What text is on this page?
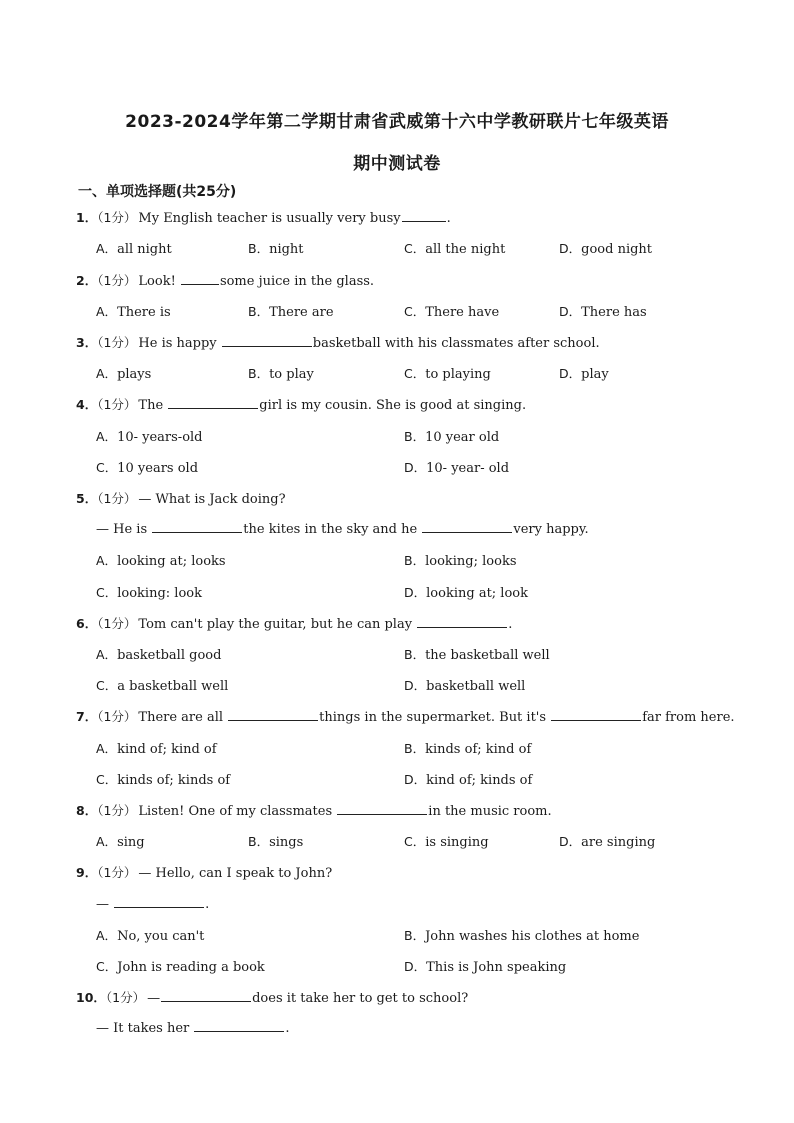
2023-2024学年第二学期甘肃省武威第十六中学教研联片七年级英语
期中测试卷
一、单项选择题(共25分)
1．（1分） My English teacher is usually very busy	.
A．all night	B．night	C．all the night	D．good night
2．（1分） Look!	some juice in the glass.
A．There is	B．There are	C．There have	D．There has
3．（1分） He is happy	basketball with his classmates after school.
A．plays	B．to play	C．to playing	D．play
4．（1分） The	girl is my cousin. She is good at singing.
A．10- years-old	B．10 year old
C．10 years old	D．10- year- old
5．（1分） — What is Jack doing?
— He is	the kites in the sky and he	very happy.
A．looking at; looks	B．looking; looks
C．looking: look	D．looking at; look
6．（1分） Tom can't play the guitar, but he can play	.
A．basketball good	B．the basketball well
C．a basketball well	D．basketball well
7．（1分） There are all	things in the supermarket. But it's	far from here.
A．kind of; kind of	B．kinds of; kind of
C．kinds of; kinds of	D．kind of; kinds of
8．（1分） Listen! One of my classmates	in the music room.
A．sing	B．sings	C．is singing	D．are singing
9．（1分） — Hello, can I speak to John?
—	.
A．No, you can't	B．John washes his clothes at home
C．John is reading a book	D．This is John speaking
10．（1分） —	does it take her to get to school?
— It takes her	.
